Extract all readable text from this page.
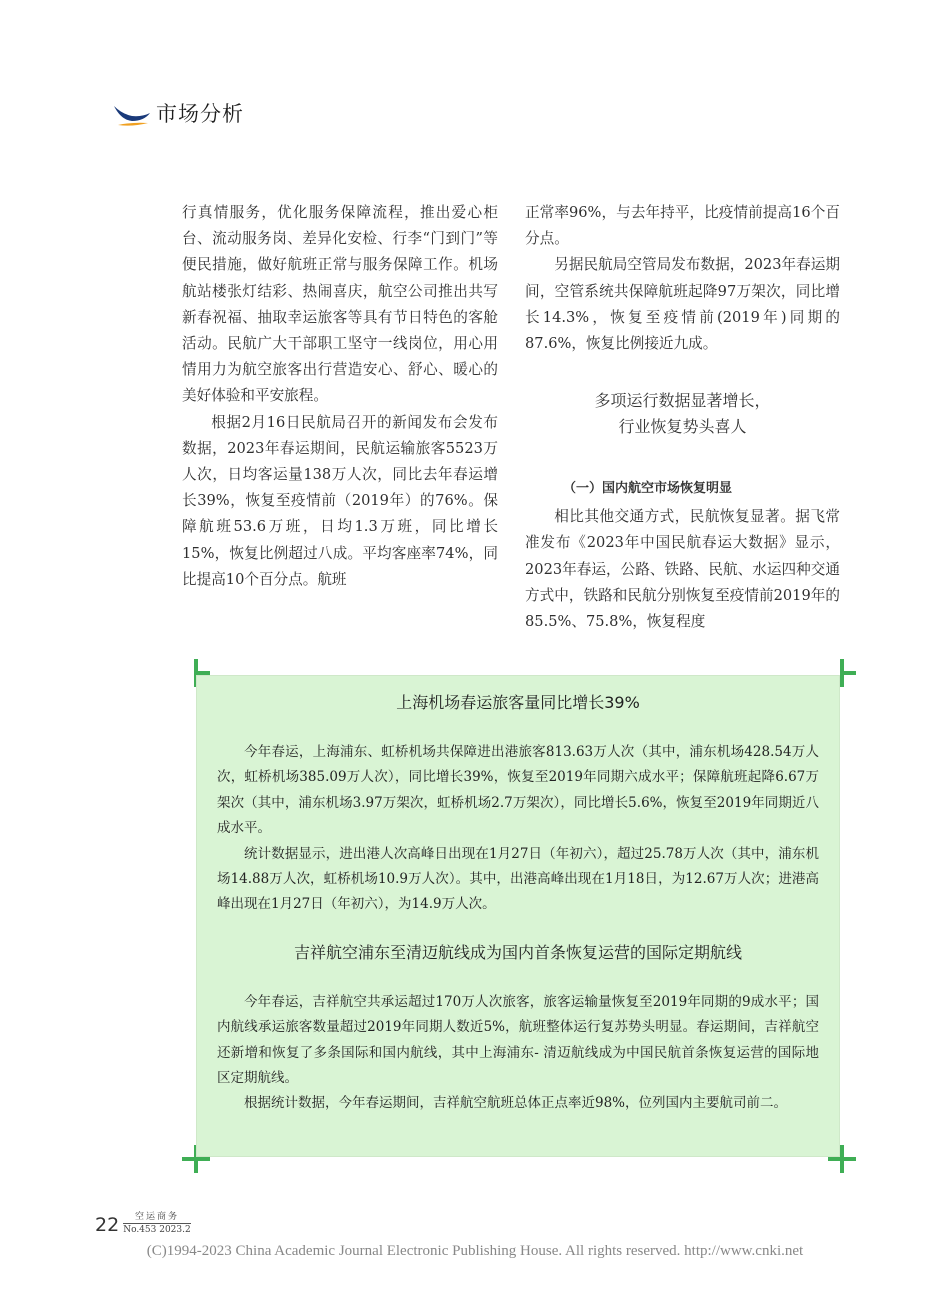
市场分析

行真情服务，优化服务保障流程，推出爱心柜台、流动服务岗、差异化安检、行李“门到门”等便民措施，做好航班正常与服务保障工作。机场航站楼张灯结彩、热闹喜庆，航空公司推出共写新春祝福、抽取幸运旅客等具有节日特色的客舱活动。民航广大干部职工坚守一线岗位，用心用情用力为航空旅客出行营造安心、舒心、暖心的美好体验和平安旅程。

根据2月16日民航局召开的新闻发布会发布数据，2023年春运期间，民航运输旅客5523万人次，日均客运量138万人次，同比去年春运增长39%，恢复至疫情前（2019年）的76%。保障航班53.6万班，日均1.3万班，同比增长15%，恢复比例超过八成。平均客座率74%，同比提高10个百分点。航班

正常率96%，与去年持平，比疫情前提高16个百分点。

另据民航局空管局发布数据，2023年春运期间，空管系统共保障航班起降97万架次，同比增长14.3%，恢复至疫情前(2019年)同期的87.6%，恢复比例接近九成。

多项运行数据显著增长，
行业恢复势头喜人
（一）国内航空市场恢复明显

相比其他交通方式，民航恢复显著。据飞常准发布《2023年中国民航春运大数据》显示，2023年春运，公路、铁路、民航、水运四种交通方式中，铁路和民航分别恢复至疫情前2019年的85.5%、75.8%，恢复程度

上海机场春运旅客量同比增长39%

今年春运，上海浦东、虹桥机场共保障进出港旅客813.63万人次（其中，浦东机场428.54万人次，虹桥机场385.09万人次），同比增长39%，恢复至2019年同期六成水平；保障航班起降6.67万架次（其中，浦东机场3.97万架次，虹桥机场2.7万架次），同比增长5.6%，恢复至2019年同期近八成水平。

统计数据显示，进出港人次高峰日出现在1月27日（年初六），超过25.78万人次（其中，浦东机场14.88万人次，虹桥机场10.9万人次）。其中，出港高峰出现在1月18日，为12.67万人次；进港高峰出现在1月27日（年初六），为14.9万人次。

吉祥航空浦东至清迈航线成为国内首条恢复运营的国际定期航线

今年春运，吉祥航空共承运超过170万人次旅客，旅客运输量恢复至2019年同期的9成水平；国内航线承运旅客数量超过2019年同期人数近5%，航班整体运行复苏势头明显。春运期间，吉祥航空还新增和恢复了多条国际和国内航线，其中上海浦东- 清迈航线成为中国民航首条恢复运营的国际地区定期航线。

根据统计数据，今年春运期间，吉祥航空航班总体正点率近98%，位列国内主要航司前二。

22	空运商务
No.453 2023.2
(C)1994-2023 China Academic Journal Electronic Publishing House. All rights reserved. http://www.cnki.net
